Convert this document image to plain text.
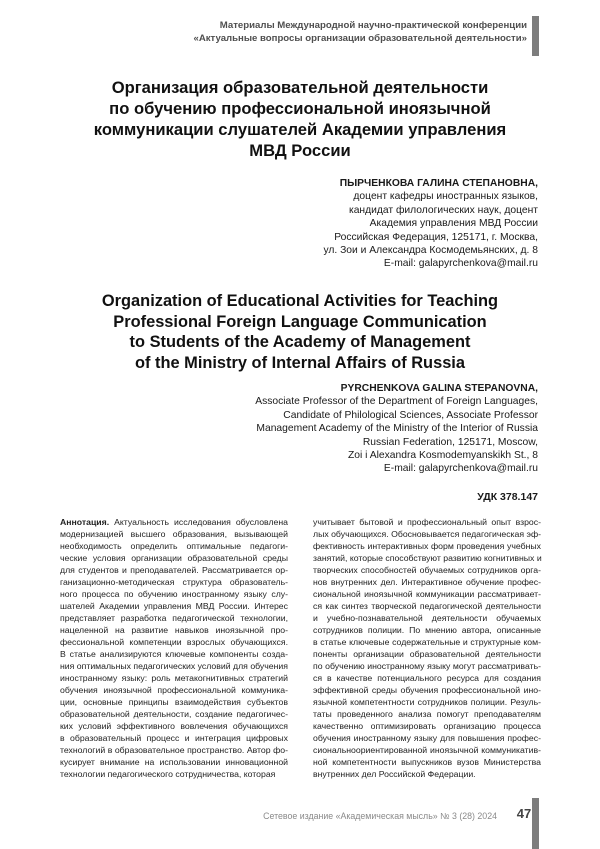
Материалы Международной научно-практической конференции
«Актуальные вопросы организации образовательной деятельности»
Организация образовательной деятельности
по обучению профессиональной иноязычной
коммуникации слушателей Академии управления
МВД России
ПЫРЧЕНКОВА ГАЛИНА СТЕПАНОВНА,
доцент кафедры иностранных языков,
кандидат филологических наук, доцент
Академия управления МВД России
Российская Федерация, 125171, г. Москва,
ул. Зои и Александра Космодемьянских, д. 8
E-mail: galapyrchenkova@mail.ru
Organization of Educational Activities for Teaching
Professional Foreign Language Communication
to Students of the Academy of Management
of the Ministry of Internal Affairs of Russia
PYRCHENKOVA GALINA STEPANOVNA,
Associate Professor of the Department of Foreign Languages,
Candidate of Philological Sciences, Associate Professor
Management Academy of the Ministry of the Interior of Russia
Russian Federation, 125171, Moscow,
Zoi i Alexandra Kosmodemyanskikh St., 8
E-mail: galapyrchenkova@mail.ru
УДК 378.147
Аннотация. Актуальность исследования обусловлена
модернизацией высшего образования, вызывающей
необходимость определить оптимальные педагоги-
ческие условия организации образовательной среды
для студентов и преподавателей. Рассматривается ор-
ганизационно-методическая структура образователь-
ного процесса по обучению иностранному языку слу-
шателей Академии управления МВД России. Интерес
представляет разработка педагогической технологии,
нацеленной на развитие навыков иноязычной про-
фессиональной компетенции взрослых обучающихся.
В статье анализируются ключевые компоненты созда-
ния оптимальных педагогических условий для обучения
иностранному языку: роль метакогнитивных стратегий
обучения иноязычной профессиональной коммуника-
ции, основные принципы взаимодействия субъектов
образовательной деятельности, создание педагогичес-
ких условий эффективного вовлечения обучающихся
в образовательный процесс и интеграция цифровых
технологий в образовательное пространство. Автор фо-
кусирует внимание на использовании инновационной
технологии педагогического сотрудничества, которая
учитывает бытовой и профессиональный опыт взрос-
лых обучающихся. Обосновывается педагогическая эф-
фективность интерактивных форм проведения учебных
занятий, которые способствуют развитию когнитивных и
творческих способностей обучаемых сотрудников орга-
нов внутренних дел. Интерактивное обучение профес-
сиональной иноязычной коммуникации рассматривает-
ся как синтез творческой педагогической деятельности
и учебно-познавательной деятельности обучаемых
сотрудников полиции. По мнению автора, описанные
в статье ключевые содержательные и структурные ком-
поненты организации образовательной деятельности
по обучению иностранному языку могут рассматривать-
ся в качестве потенциального ресурса для создания
эффективной среды обучения профессиональной ино-
язычной компетентности сотрудников полиции. Резуль-
таты проведенного анализа помогут преподавателям
качественно оптимизировать организацию процесса
обучения иностранному языку для повышения профес-
сиональноориентированной иноязычной коммуникатив-
ной компетентности выпускников вузов Министерства
внутренних дел Российской Федерации.
Сетевое издание «Академическая мысль» № 3 (28) 2024	47
